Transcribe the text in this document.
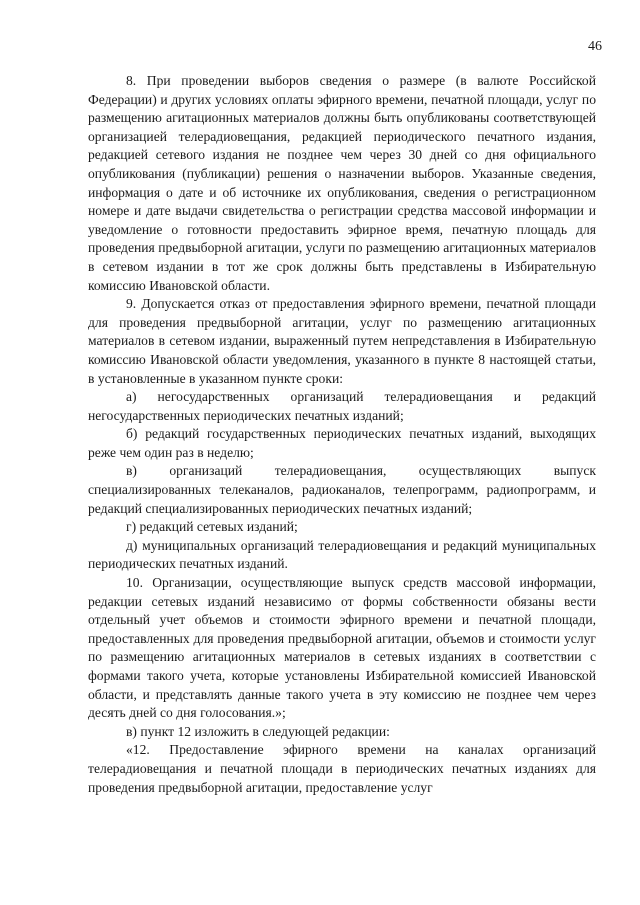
46

8. При проведении выборов сведения о размере (в валюте Российской Федерации) и других условиях оплаты эфирного времени, печатной площади, услуг по размещению агитационных материалов должны быть опубликованы соответствующей организацией телерадиовещания, редакцией периодического печатного издания, редакцией сетевого издания не позднее чем через 30 дней со дня официального опубликования (публикации) решения о назначении выборов. Указанные сведения, информация о дате и об источнике их опубликования, сведения о регистрационном номере и дате выдачи свидетельства о регистрации средства массовой информации и уведомление о готовности предоставить эфирное время, печатную площадь для проведения предвыборной агитации, услуги по размещению агитационных материалов в сетевом издании в тот же срок должны быть представлены в Избирательную комиссию Ивановской области.

9. Допускается отказ от предоставления эфирного времени, печатной площади для проведения предвыборной агитации, услуг по размещению агитационных материалов в сетевом издании, выраженный путем непредставления в Избирательную комиссию Ивановской области уведомления, указанного в пункте 8 настоящей статьи, в установленные в указанном пункте сроки:

а) негосударственных организаций телерадиовещания и редакций негосударственных периодических печатных изданий;

б) редакций государственных периодических печатных изданий, выходящих реже чем один раз в неделю;

в) организаций телерадиовещания, осуществляющих выпуск специализированных телеканалов, радиоканалов, телепрограмм, радиопрограмм, и редакций специализированных периодических печатных изданий;

г) редакций сетевых изданий;

д) муниципальных организаций телерадиовещания и редакций муниципальных периодических печатных изданий.

10. Организации, осуществляющие выпуск средств массовой информации, редакции сетевых изданий независимо от формы собственности обязаны вести отдельный учет объемов и стоимости эфирного времени и печатной площади, предоставленных для проведения предвыборной агитации, объемов и стоимости услуг по размещению агитационных материалов в сетевых изданиях в соответствии с формами такого учета, которые установлены Избирательной комиссией Ивановской области, и представлять данные такого учета в эту комиссию не позднее чем через десять дней со дня голосования.»;

в) пункт 12 изложить в следующей редакции:

«12. Предоставление эфирного времени на каналах организаций телерадиовещания и печатной площади в периодических печатных изданиях для проведения предвыборной агитации, предоставление услуг
